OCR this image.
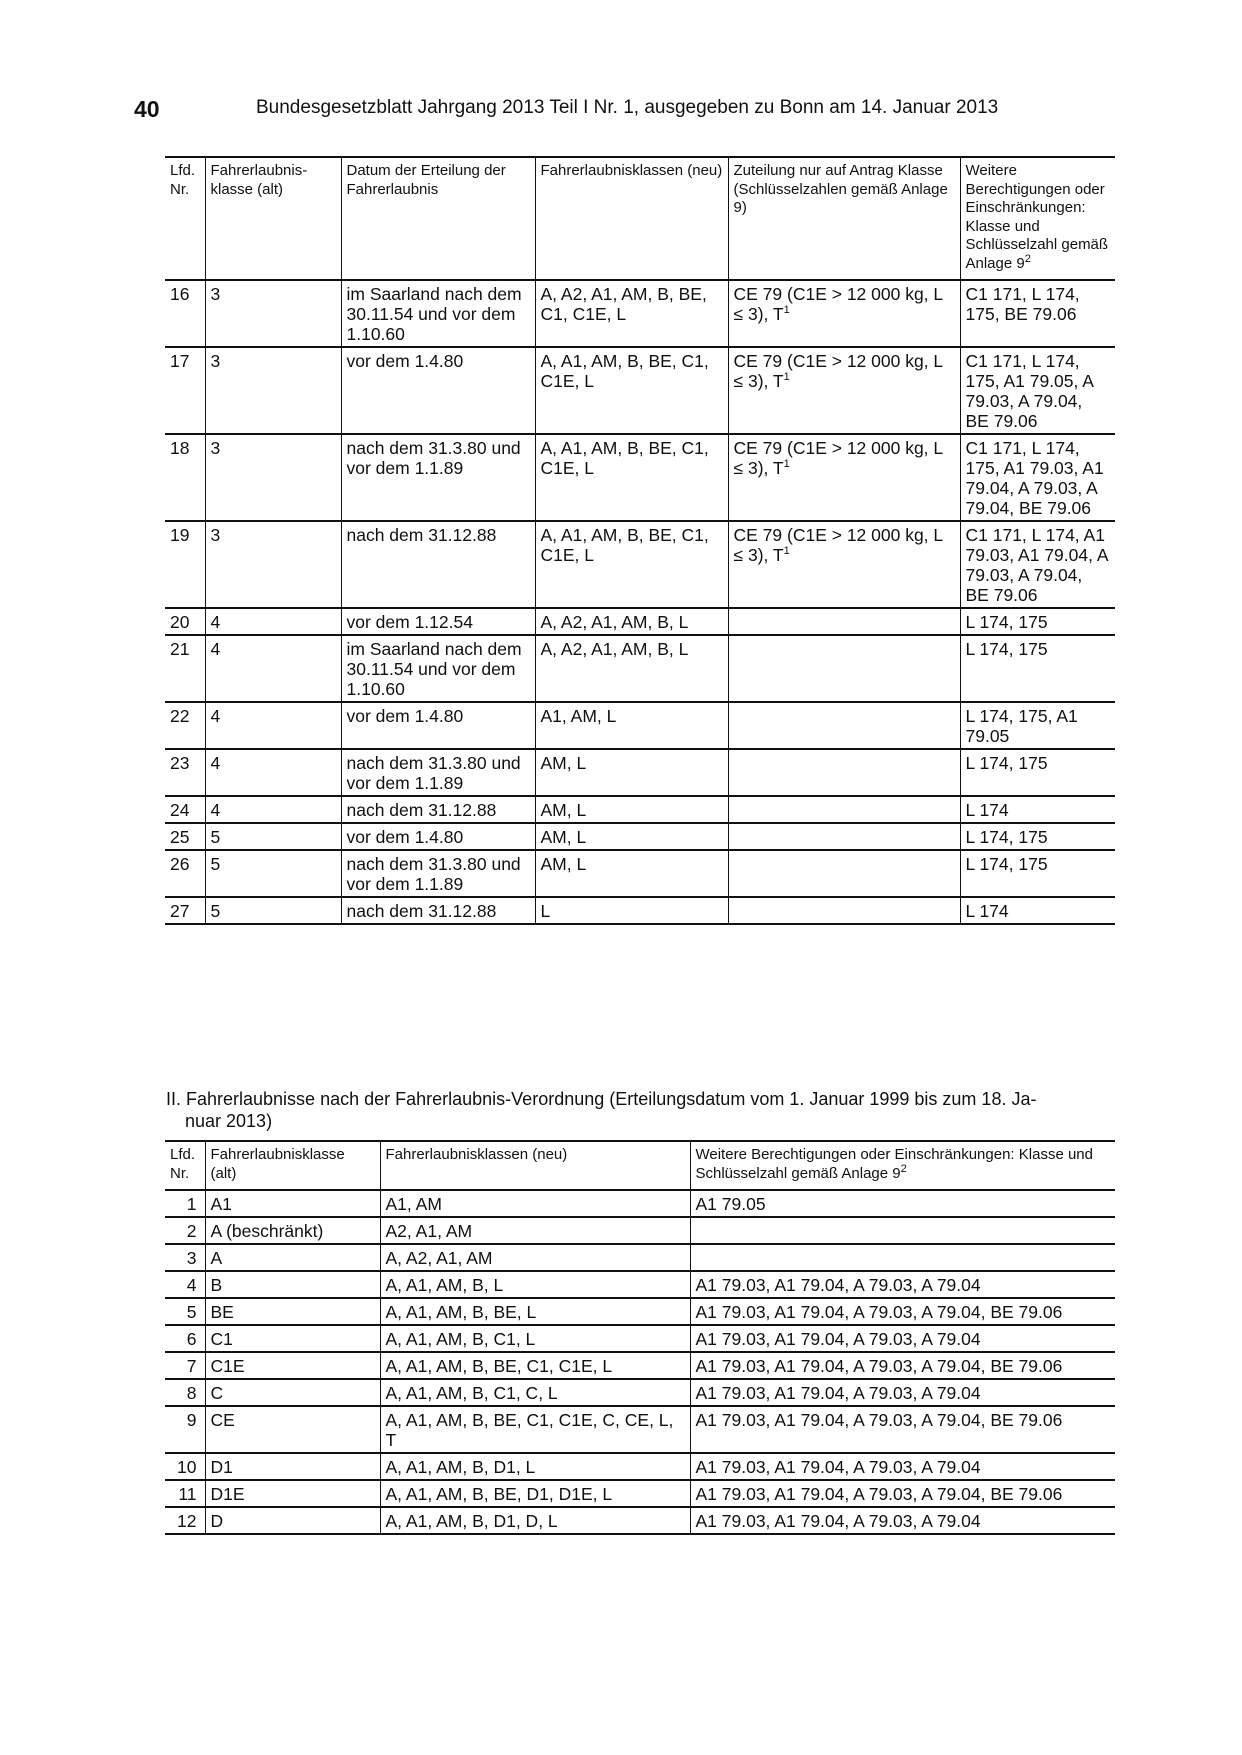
40	Bundesgesetzblatt Jahrgang 2013 Teil I Nr. 1, ausgegeben zu Bonn am 14. Januar 2013
Lfd. Nr.	Fahrerlaubnis- klasse (alt)	Datum der Erteilung der Fahrerlaubnis	Fahrerlaubnisklassen (neu)	Zuteilung nur auf Antrag Klasse (Schlüsselzahlen gemäß Anlage 9)	Weitere Berechtigungen oder Einschränkungen: Klasse und Schlüsselzahl gemäß Anlage $9^2$
16	3	im Saarland nach dem 30.11.54 und vor dem 1.10.60	A, A2, A1, AM, B, BE, C1, C1E, L	CE 79 (C1E > 12 000 kg, L ≤ 3), $T^1$	C1 171, L 174, 175, BE 79.06
17	3	vor dem 1.4.80	A, A1, AM, B, BE, C1, C1E, L	CE 79 (C1E > 12 000 kg, L ≤ 3), $T^1$	C1 171, L 174, 175, A1 79.05, A 79.03, A 79.04, BE 79.06
18	3	nach dem 31.3.80 und vor dem 1.1.89	A, A1, AM, B, BE, C1, C1E, L	CE 79 (C1E > 12 000 kg, L ≤ 3), $T^1$	C1 171, L 174, 175, A1 79.03, A1 79.04, A 79.03, A 79.04, BE 79.06
19	3	nach dem 31.12.88	A, A1, AM, B, BE, C1, C1E, L	CE 79 (C1E > 12 000 kg, L ≤ 3), $T^1$	C1 171, L 174, A1 79.03, A1 79.04, A 79.03, A 79.04, BE 79.06
20	4	vor dem 1.12.54	A, A2, A1, AM, B, L		L 174, 175
21	4	im Saarland nach dem 30.11.54 und vor dem 1.10.60	A, A2, A1, AM, B, L		L 174, 175
22	4	vor dem 1.4.80	A1, AM, L		L 174, 175, A1 79.05
23	4	nach dem 31.3.80 und vor dem 1.1.89	AM, L		L 174, 175
24	4	nach dem 31.12.88	AM, L		L 174
25	5	vor dem 1.4.80	AM, L		L 174, 175
26	5	nach dem 31.3.80 und vor dem 1.1.89	AM, L		L 174, 175
27	5	nach dem 31.12.88	L		L 174
II. Fahrerlaubnisse nach der Fahrerlaubnis-Verordnung (Erteilungsdatum vom 1. Januar 1999 bis zum 18. Ja-
nuar 2013)
Lfd. Nr.	Fahrerlaubnisklasse (alt)	Fahrerlaubnisklassen (neu)	Weitere Berechtigungen oder Einschränkungen: Klasse und Schlüsselzahl gemäß Anlage $9^2$
1	A1	A1, AM	A1 79.05
2	A (beschränkt)	A2, A1, AM	
3	A	A, A2, A1, AM	
4	B	A, A1, AM, B, L	A1 79.03, A1 79.04, A 79.03, A 79.04
5	BE	A, A1, AM, B, BE, L	A1 79.03, A1 79.04, A 79.03, A 79.04, BE 79.06
6	C1	A, A1, AM, B, C1, L	A1 79.03, A1 79.04, A 79.03, A 79.04
7	C1E	A, A1, AM, B, BE, C1, C1E, L	A1 79.03, A1 79.04, A 79.03, A 79.04, BE 79.06
8	C	A, A1, AM, B, C1, C, L	A1 79.03, A1 79.04, A 79.03, A 79.04
9	CE	A, A1, AM, B, BE, C1, C1E, C, CE, L, T	A1 79.03, A1 79.04, A 79.03, A 79.04, BE 79.06
10	D1	A, A1, AM, B, D1, L	A1 79.03, A1 79.04, A 79.03, A 79.04
11	D1E	A, A1, AM, B, BE, D1, D1E, L	A1 79.03, A1 79.04, A 79.03, A 79.04, BE 79.06
12	D	A, A1, AM, B, D1, D, L	A1 79.03, A1 79.04, A 79.03, A 79.04
